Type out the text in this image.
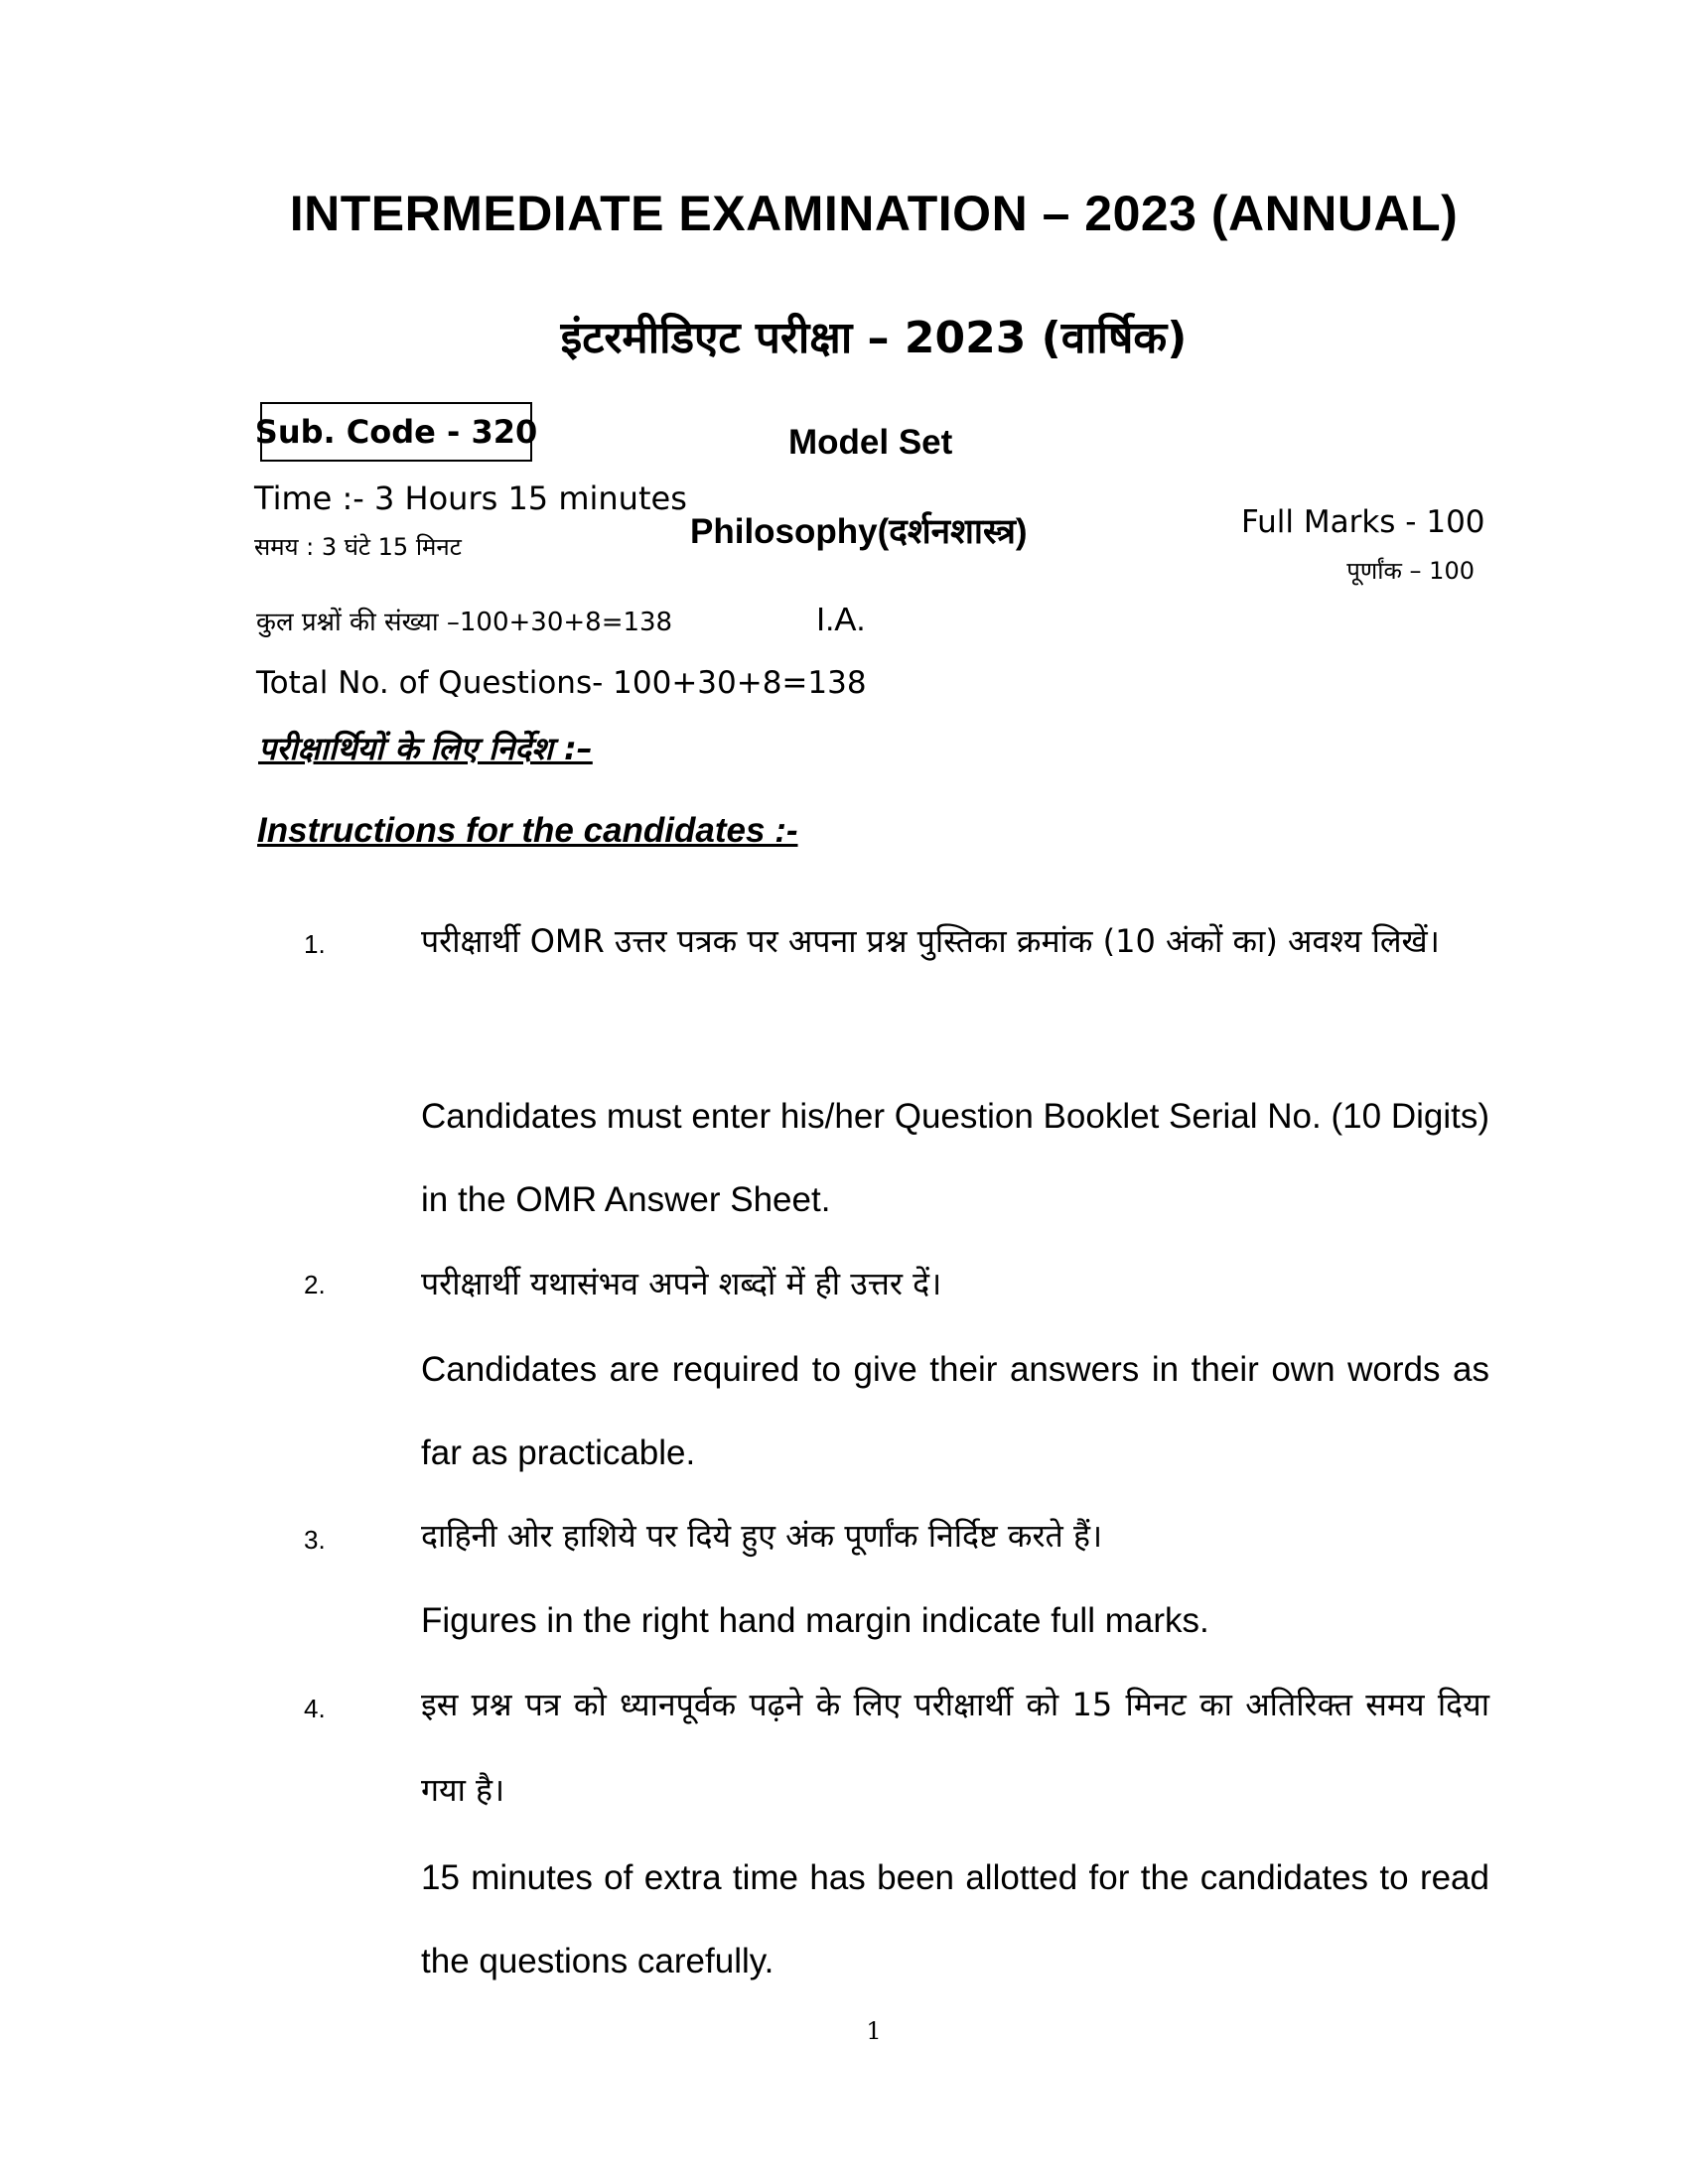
INTERMEDIATE EXAMINATION – 2023 (ANNUAL)
इंटरमीडिएट परीक्षा – 2023 (वार्षिक)
Sub. Code - 320	Model Set
Time :- 3 Hours 15 minutes
समय : 3 घंटे 15 मिनट	Philosophy(दर्शनशास्त्र)	Full Marks - 100
पूर्णांक – 100
कुल प्रश्नों की संख्या –100+30+8=138	I.A.
Total No. of Questions- 100+30+8=138
परीक्षार्थियों के लिए निर्देश :–
Instructions for the candidates :-
1.	परीक्षार्थी OMR उत्तर पत्रक पर अपना प्रश्न पुस्तिका क्रमांक (10 अंकों का) अवश्य लिखें।
Candidates must enter his/her Question Booklet Serial No. (10 Digits) in the OMR Answer Sheet.
2.	परीक्षार्थी यथासंभव अपने शब्दों में ही उत्तर दें।
Candidates are required to give their answers in their own words as far as practicable.
3.	दाहिनी ओर हाशिये पर दिये हुए अंक पूर्णांक निर्दिष्ट करते हैं।
Figures in the right hand margin indicate full marks.
4.	इस प्रश्न पत्र को ध्यानपूर्वक पढ़ने के लिए परीक्षार्थी को 15 मिनट का अतिरिक्त समय दिया गया है।
15 minutes of extra time has been allotted for the candidates to read the questions carefully.
1
